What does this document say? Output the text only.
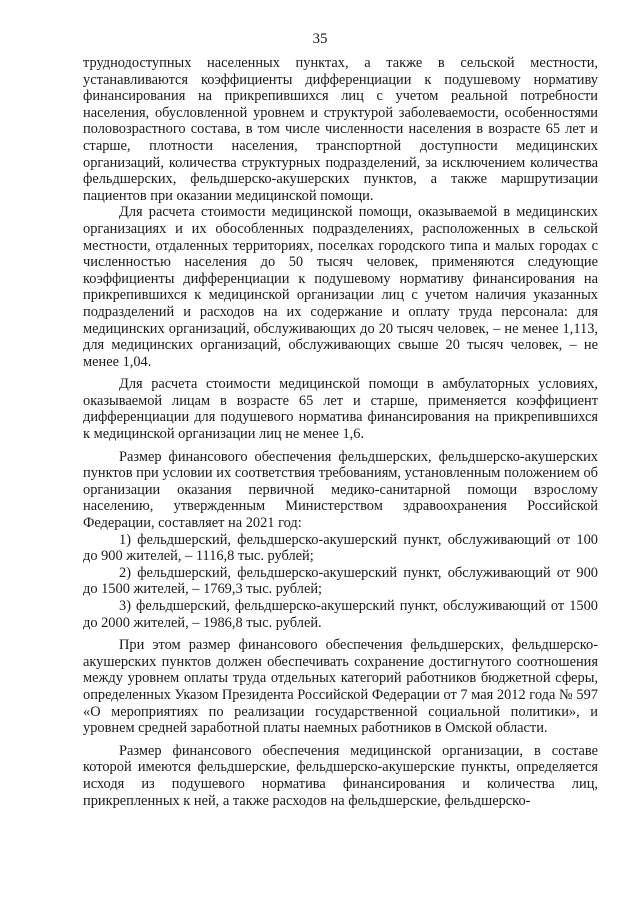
35

труднодоступных населенных пунктах, а также в сельской местности, устанавливаются коэффициенты дифференциации к подушевому нормативу финансирования на прикрепившихся лиц с учетом реальной потребности населения, обусловленной уровнем и структурой заболеваемости, особенностями половозрастного состава, в том числе численности населения в возрасте 65 лет и старше, плотности населения, транспортной доступности медицинских организаций, количества структурных подразделений, за исключением количества фельдшерских, фельдшерско-акушерских пунктов, а также маршрутизации пациентов при оказании медицинской помощи.

Для расчета стоимости медицинской помощи, оказываемой в медицинских организациях и их обособленных подразделениях, расположенных в сельской местности, отдаленных территориях, поселках городского типа и малых городах с численностью населения до 50 тысяч человек, применяются следующие коэффициенты дифференциации к подушевому нормативу финансирования на прикрепившихся к медицинской организации лиц с учетом наличия указанных подразделений и расходов на их содержание и оплату труда персонала: для медицинских организаций, обслуживающих до 20 тысяч человек, – не менее 1,113, для медицинских организаций, обслуживающих свыше 20 тысяч человек, – не менее 1,04.

Для расчета стоимости медицинской помощи в амбулаторных условиях, оказываемой лицам в возрасте 65 лет и старше, применяется коэффициент дифференциации для подушевого норматива финансирования на прикрепившихся к медицинской организации лиц не менее 1,6.

Размер финансового обеспечения фельдшерских, фельдшерско-акушерских пунктов при условии их соответствия требованиям, установленным положением об организации оказания первичной медико-санитарной помощи взрослому населению, утвержденным Министерством здравоохранения Российской Федерации, составляет на 2021 год:

1) фельдшерский, фельдшерско-акушерский пункт, обслуживающий от 100 до 900 жителей, – 1116,8 тыс. рублей;

2) фельдшерский, фельдшерско-акушерский пункт, обслуживающий от 900 до 1500 жителей, – 1769,3 тыс. рублей;

3) фельдшерский, фельдшерско-акушерский пункт, обслуживающий от 1500 до 2000 жителей, – 1986,8 тыс. рублей.

При этом размер финансового обеспечения фельдшерских, фельдшерско-акушерских пунктов должен обеспечивать сохранение достигнутого соотношения между уровнем оплаты труда отдельных категорий работников бюджетной сферы, определенных Указом Президента Российской Федерации от 7 мая 2012 года № 597 «О мероприятиях по реализации государственной социальной политики», и уровнем средней заработной платы наемных работников в Омской области.

Размер финансового обеспечения медицинской организации, в составе которой имеются фельдшерские, фельдшерско-акушерские пункты, определяется исходя из подушевого норматива финансирования и количества лиц, прикрепленных к ней, а также расходов на фельдшерские, фельдшерско-
